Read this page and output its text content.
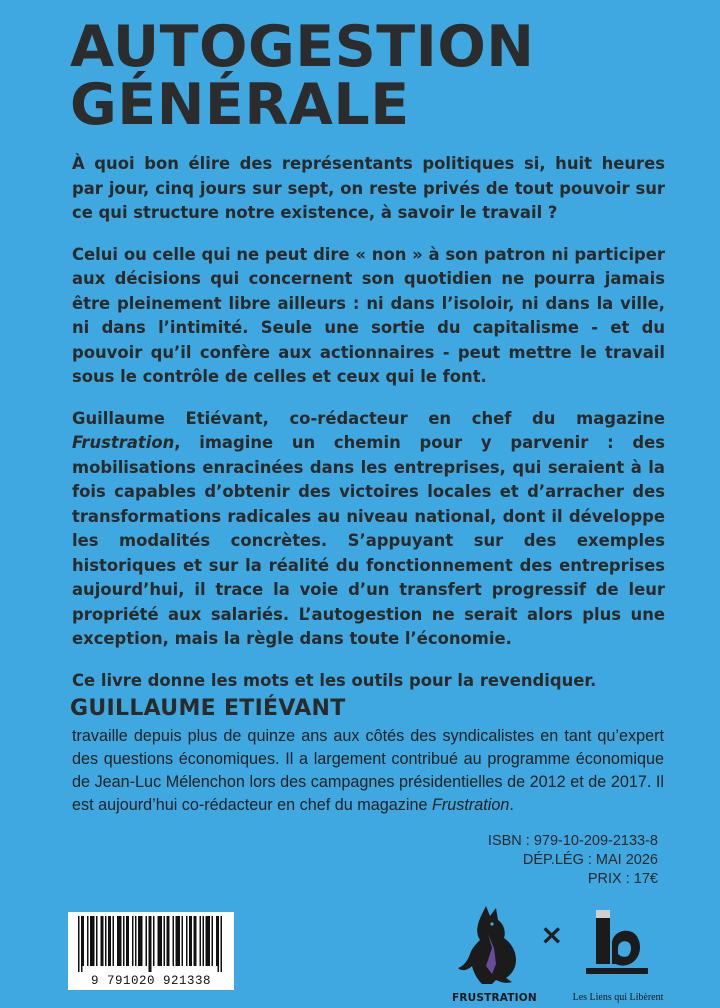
AUTOGESTION
GÉNÉRALE

À quoi bon élire des représentants politiques si, huit heures par jour, cinq jours sur sept, on reste privés de tout pouvoir sur ce qui structure notre existence, à savoir le travail ?

Celui ou celle qui ne peut dire « non » à son patron ni participer aux décisions qui concernent son quotidien ne pourra jamais être pleinement libre ailleurs : ni dans l’isoloir, ni dans la ville, ni dans l’intimité. Seule une sortie du capitalisme - et du pouvoir qu’il confère aux actionnaires - peut mettre le travail sous le contrôle de celles et ceux qui le font.

Guillaume Etiévant, co-rédacteur en chef du magazine Frustration, imagine un chemin pour y parvenir : des mobilisations enracinées dans les entreprises, qui seraient à la fois capables d’obtenir des victoires locales et d’arracher des transformations radicales au niveau national, dont il développe les modalités concrètes. S’appuyant sur des exemples historiques et sur la réalité du fonctionnement des entreprises aujourd’hui, il trace la voie d’un transfert progressif de leur propriété aux salariés. L’autogestion ne serait alors plus une exception, mais la règle dans toute l’économie.

Ce livre donne les mots et les outils pour la revendiquer.

GUILLAUME ETIÉVANT

travaille depuis plus de quinze ans aux côtés des syndicalistes en tant qu’expert des questions économiques. Il a largement contribué au programme économique de Jean-Luc Mélenchon lors des campagnes présidentielles de 2012 et de 2017. Il est aujourd’hui co-rédacteur en chef du magazine Frustration.

ISBN : 979-10-209-2133-8
DÉP.LÉG : MAI 2026
PRIX : 17€
9 791020 921338
FRUSTRATION
×
Les Liens qui Libèrent
